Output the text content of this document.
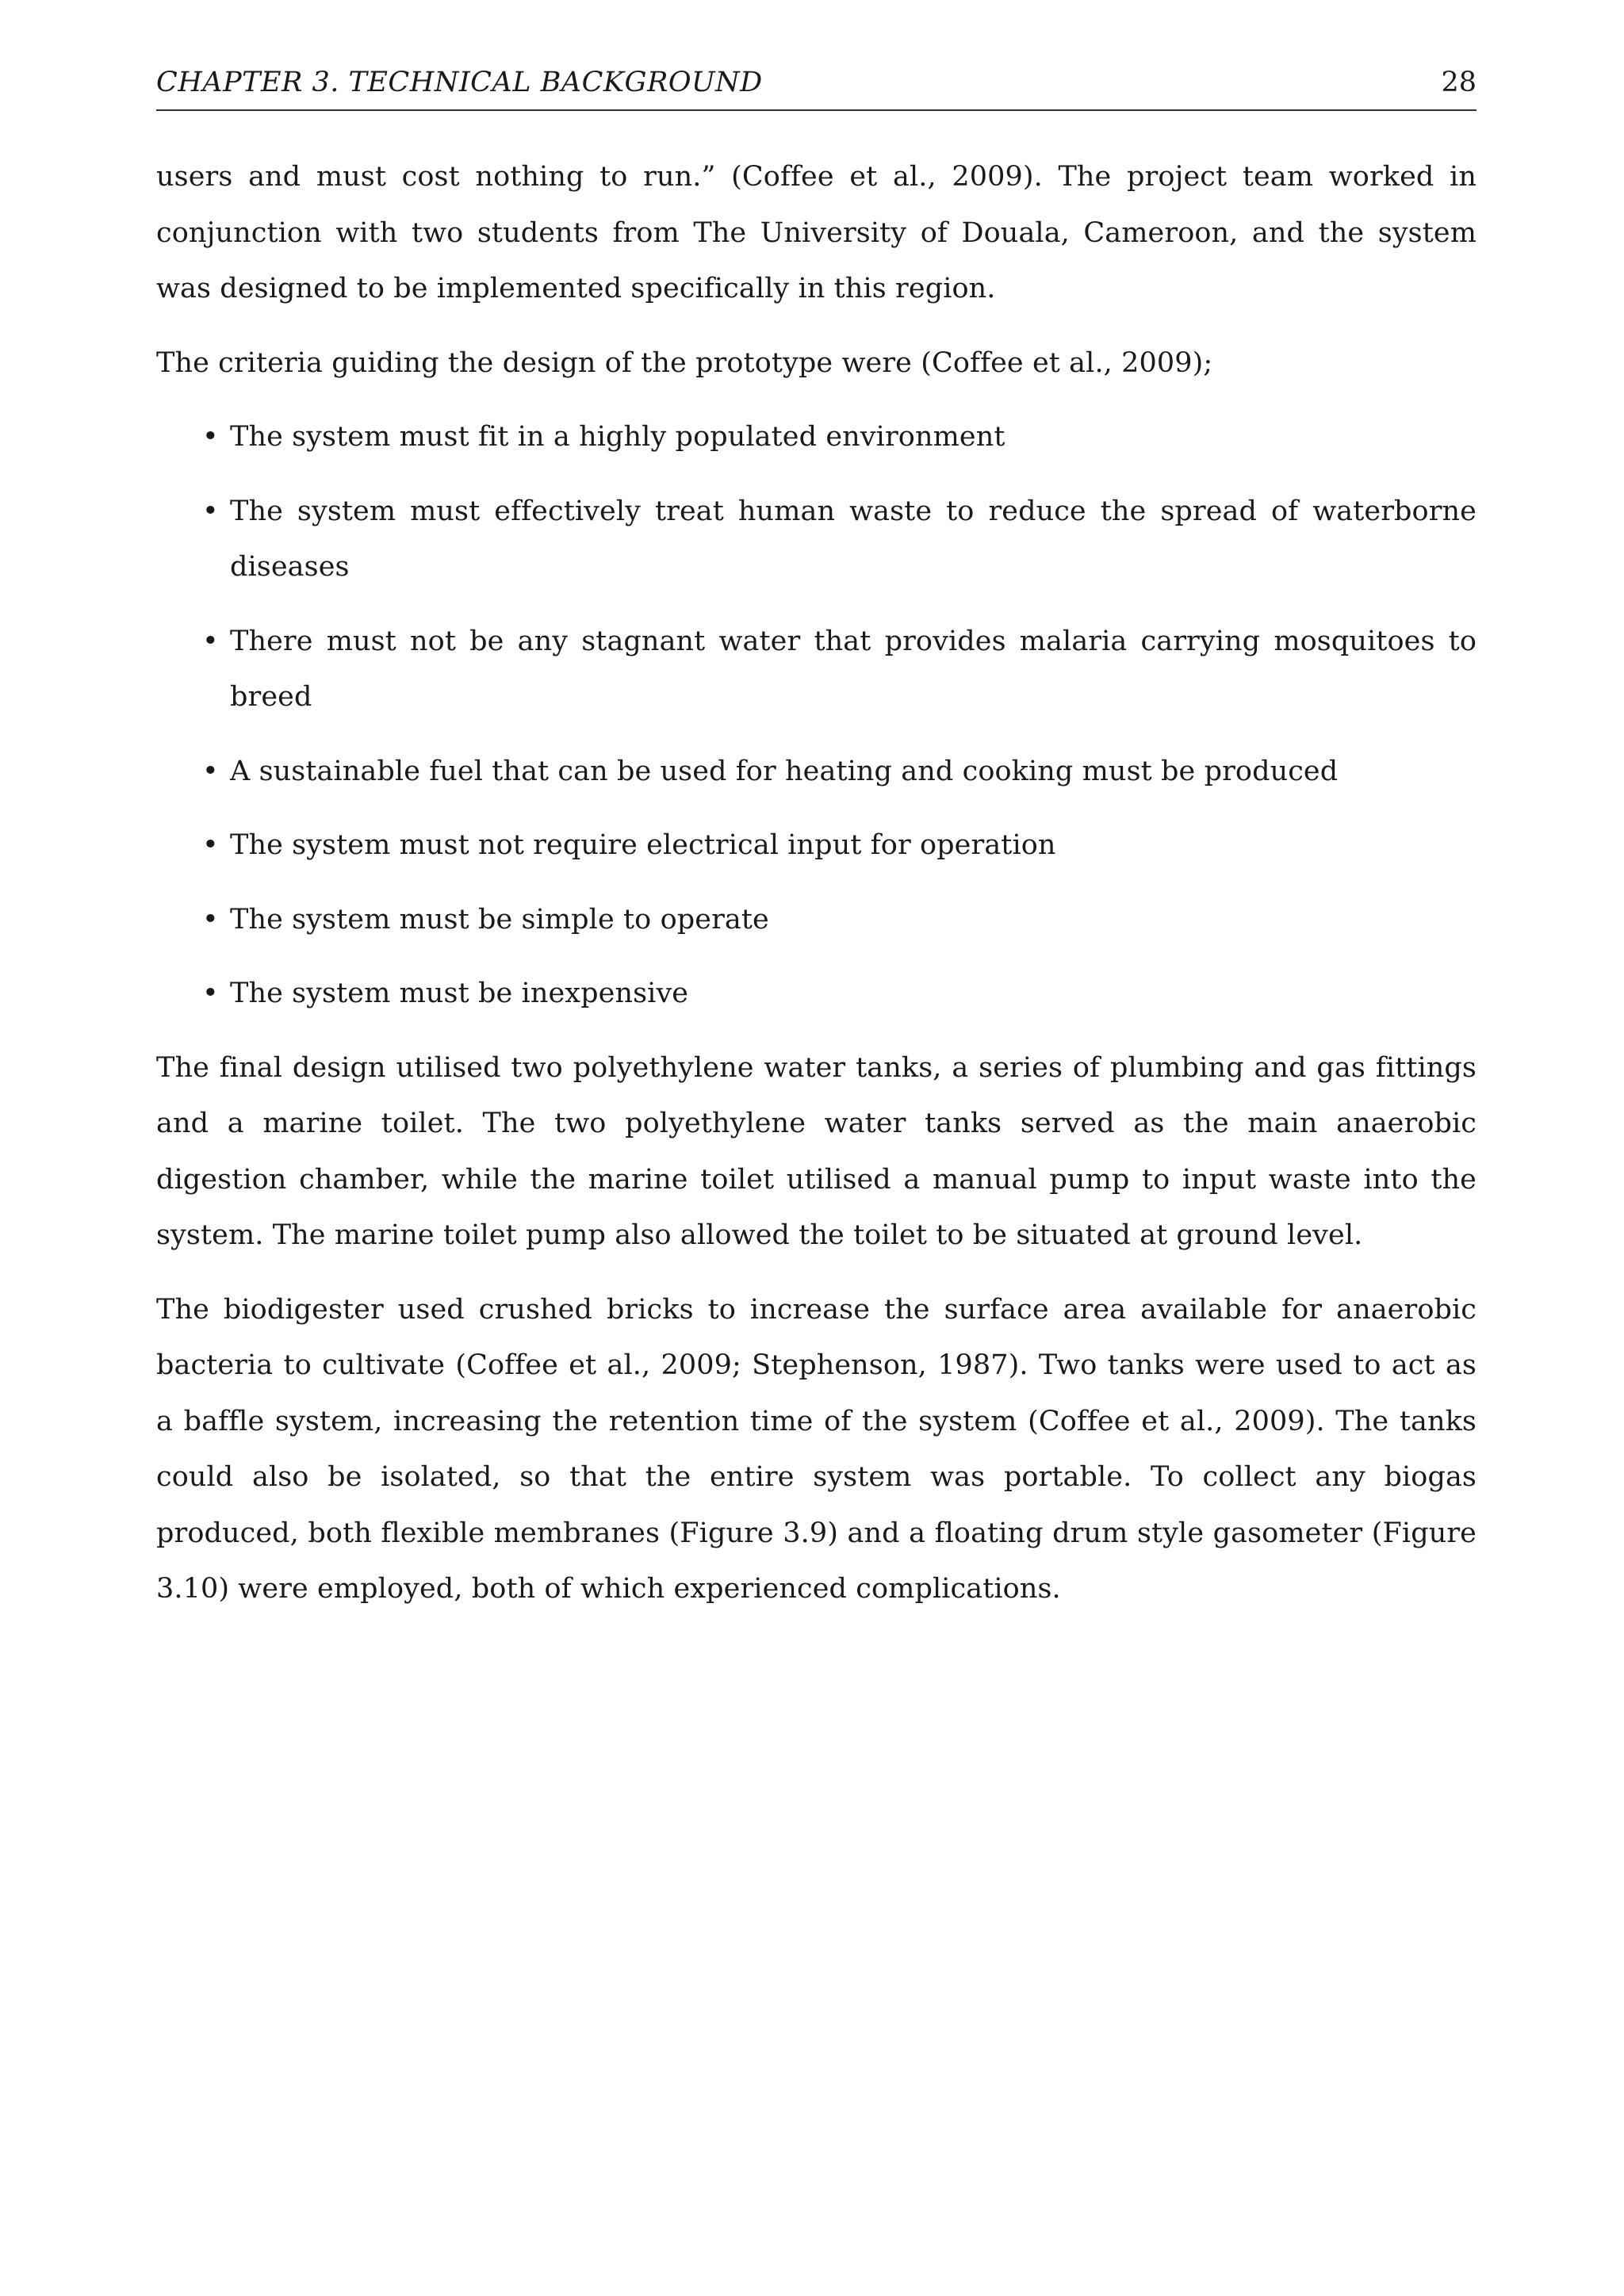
CHAPTER 3. TECHNICAL BACKGROUND	28

users and must cost nothing to run.” (Coffee et al., 2009). The project team worked in conjunction with two students from The University of Douala, Cameroon, and the system was designed to be implemented specifically in this region.

The criteria guiding the design of the prototype were (Coffee et al., 2009);

• The system must fit in a highly populated environment
• The system must effectively treat human waste to reduce the spread of waterborne diseases
• There must not be any stagnant water that provides malaria carrying mosquitoes to breed
• A sustainable fuel that can be used for heating and cooking must be produced
• The system must not require electrical input for operation
• The system must be simple to operate
• The system must be inexpensive

The final design utilised two polyethylene water tanks, a series of plumbing and gas fittings and a marine toilet. The two polyethylene water tanks served as the main anaerobic digestion chamber, while the marine toilet utilised a manual pump to input waste into the system. The marine toilet pump also allowed the toilet to be situated at ground level.

The biodigester used crushed bricks to increase the surface area available for anaerobic bacteria to cultivate (Coffee et al., 2009; Stephenson, 1987). Two tanks were used to act as a baffle system, increasing the retention time of the system (Coffee et al., 2009). The tanks could also be isolated, so that the entire system was portable. To collect any biogas produced, both flexible membranes (Figure 3.9) and a floating drum style gasometer (Figure 3.10) were employed, both of which experienced complications.
